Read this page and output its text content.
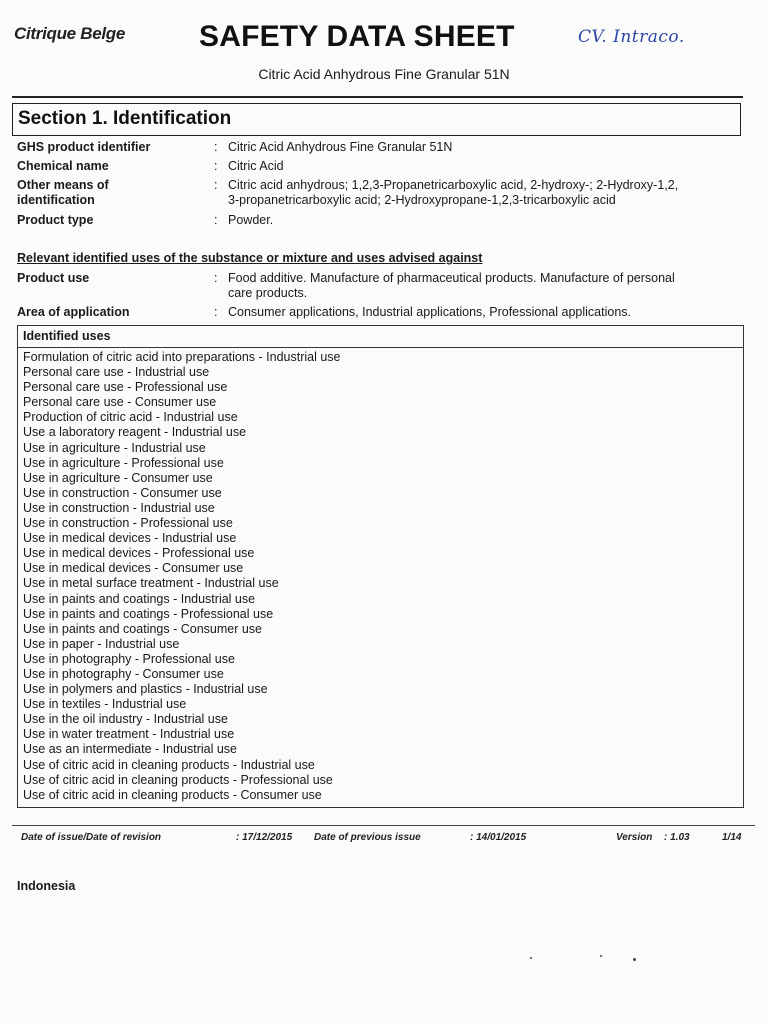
Citrique Belge SAFETY DATA SHEET	CV. Intraco.
Citric Acid Anhydrous Fine Granular 51N
Section 1. Identification
GHS product identifier	: Citric Acid Anhydrous Fine Granular 51N
Chemical name	: Citric Acid
Other means of
identification
: Citric acid anhydrous; 1,2,3-Propanetricarboxylic acid, 2-hydroxy-; 2-Hydroxy-1,2,
3-propanetricarboxylic acid; 2-Hydroxypropane-1,2,3-tricarboxylic acid
Product type	: Powder.
Relevant identified uses of the substance or mixture and uses advised against
Product use	: Food additive. Manufacture of pharmaceutical products. Manufacture of personal
care products.
Area of application	: Consumer applications, Industrial applications, Professional applications.
Identified uses
Formulation of citric acid into preparations - Industrial use
Personal care use - Industrial use
Personal care use - Professional use
Personal care use - Consumer use
Production of citric acid - Industrial use
Use a laboratory reagent - Industrial use
Use in agriculture - Industrial use
Use in agriculture - Professional use
Use in agriculture - Consumer use
Use in construction - Consumer use
Use in construction - Industrial use
Use in construction - Professional use
Use in medical devices - Industrial use
Use in medical devices - Professional use
Use in medical devices - Consumer use
Use in metal surface treatment - Industrial use
Use in paints and coatings - Industrial use
Use in paints and coatings - Professional use
Use in paints and coatings - Consumer use
Use in paper - Industrial use
Use in photography - Professional use
Use in photography - Consumer use
Use in polymers and plastics - Industrial use
Use in textiles - Industrial use
Use in the oil industry - Industrial use
Use in water treatment - Industrial use
Use as an intermediate - Industrial use
Use of citric acid in cleaning products - Industrial use
Use of citric acid in cleaning products - Professional use
Use of citric acid in cleaning products - Consumer use
Date of issue/Date of revision	: 17/12/2015 Date of previous issue	: 14/01/2015	Version : 1.03	1/14
Indonesia
